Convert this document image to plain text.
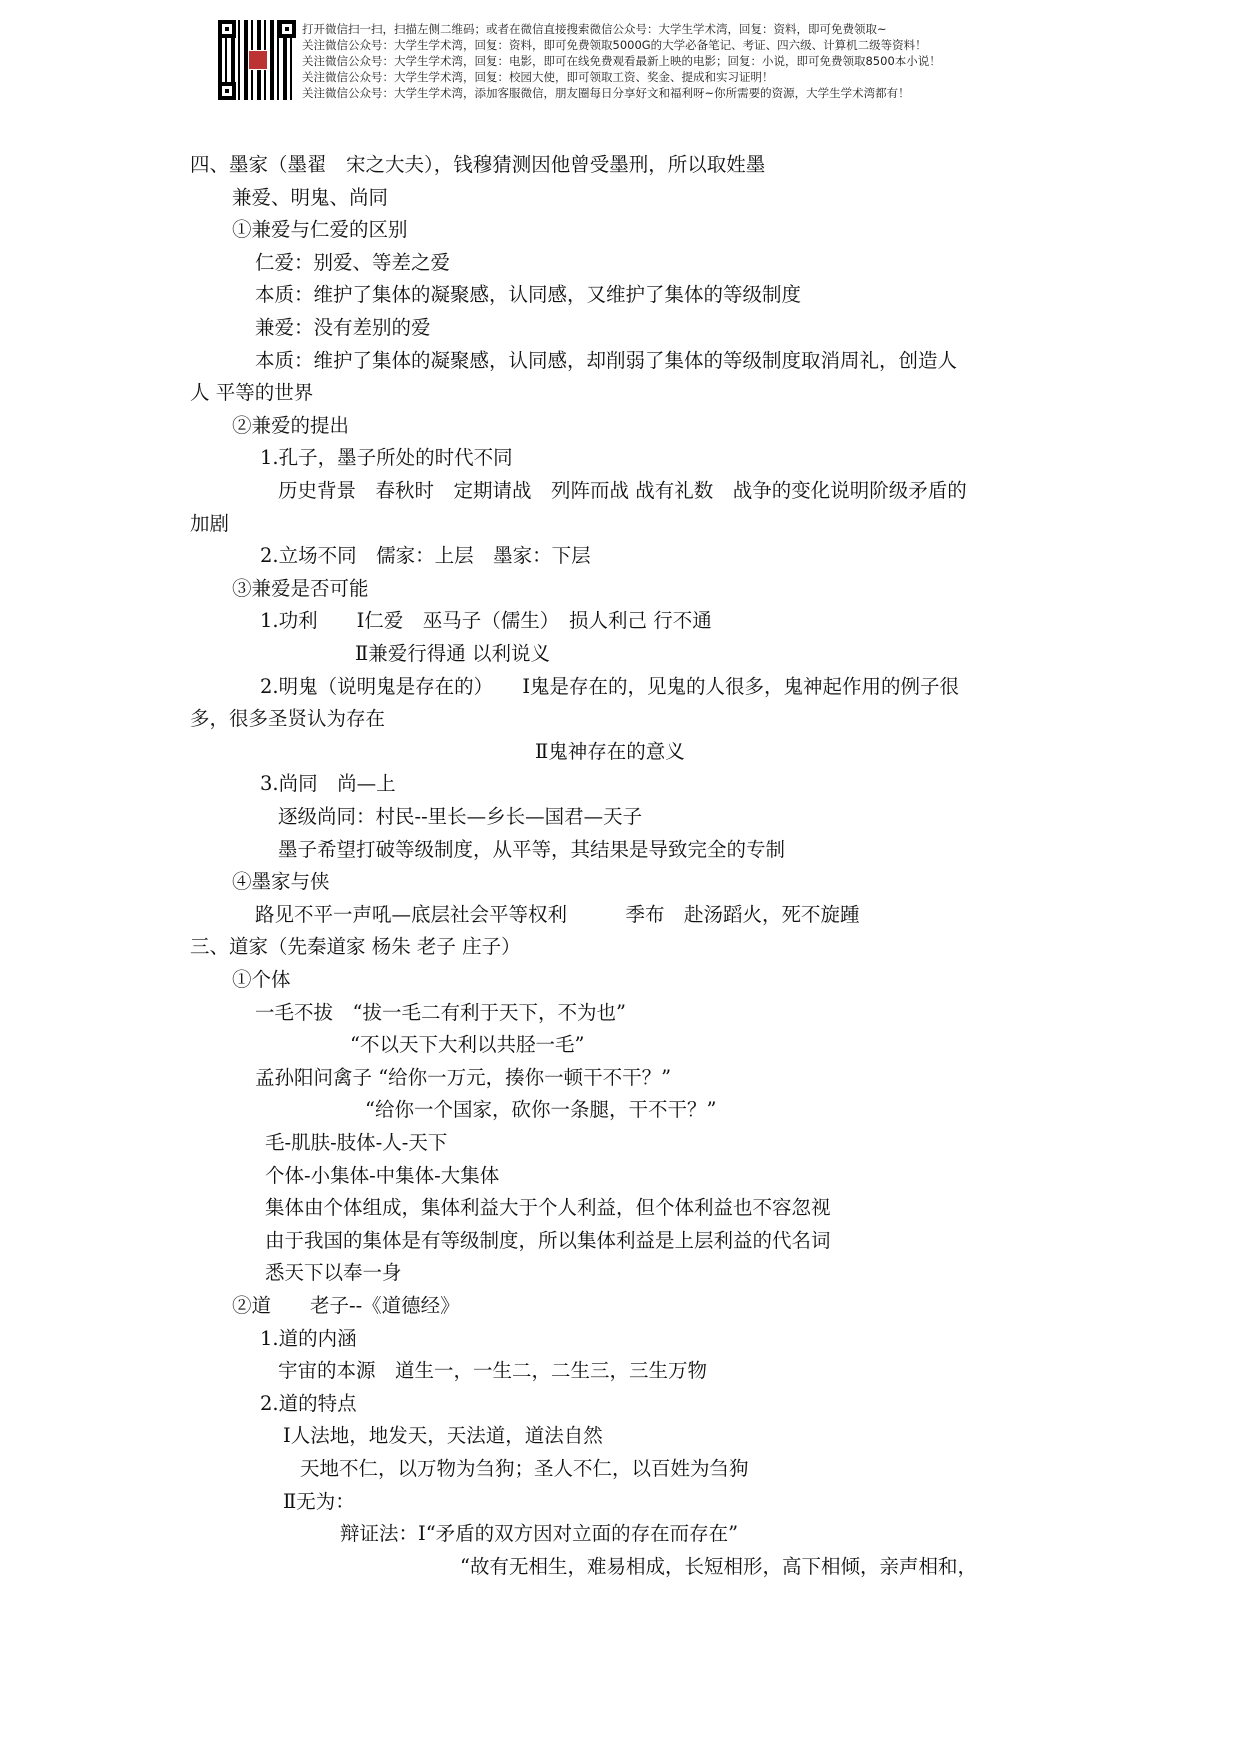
打开微信扫一扫，扫描左侧二维码；或者在微信直接搜索微信公众号：大学生学术湾，回复：资料，即可免费领取~
关注微信公众号：大学生学术湾，回复：资料，即可免费领取5000G的大学必备笔记、考证、四六级、计算机二级等资料！
关注微信公众号：大学生学术湾，回复：电影，即可在线免费观看最新上映的电影；回复：小说，即可免费领取8500本小说！
关注微信公众号：大学生学术湾，回复：校园大使，即可领取工资、奖金、提成和实习证明！
关注微信公众号：大学生学术湾，添加客服微信，朋友圈每日分享好文和福利呀~你所需要的资源，大学生学术湾都有！
四、墨家（墨翟　宋之大夫），钱穆猜测因他曾受墨刑，所以取姓墨
兼爱、明鬼、尚同
①兼爱与仁爱的区别
仁爱：别爱、等差之爱
本质：维护了集体的凝聚感，认同感，又维护了集体的等级制度
兼爱：没有差别的爱
本质：维护了集体的凝聚感，认同感，却削弱了集体的等级制度取消周礼，创造人
人 平等的世界
②兼爱的提出
1.孔子，墨子所处的时代不同
历史背景　春秋时　定期请战　列阵而战 战有礼数　战争的变化说明阶级矛盾的
加剧
2.立场不同　儒家：上层　墨家：下层
③兼爱是否可能
1.功利　　Ⅰ仁爱　巫马子（儒生）　损人利己 行不通
Ⅱ兼爱行得通 以利说义
2.明鬼（说明鬼是存在的）　　Ⅰ鬼是存在的，见鬼的人很多，鬼神起作用的例子很
多，很多圣贤认为存在
Ⅱ鬼神存在的意义
3.尚同　尚—上
逐级尚同：村民--里长—乡长—国君—天子
墨子希望打破等级制度，从平等，其结果是导致完全的专制
④墨家与侠
路见不平一声吼—底层社会平等权利　　　季布　赴汤蹈火，死不旋踵
三、道家（先秦道家 杨朱 老子 庄子）
①个体
一毛不拔　“拔一毛二有利于天下，不为也”
“不以天下大利以共胫一毛”
孟孙阳问禽子 “给你一万元，揍你一顿干不干？”
“给你一个国家，砍你一条腿，干不干？”
毛-肌肤-肢体-人-天下
个体-小集体-中集体-大集体
集体由个体组成，集体利益大于个人利益，但个体利益也不容忽视
由于我国的集体是有等级制度，所以集体利益是上层利益的代名词
悉天下以奉一身
②道　　老子--《道德经》
1.道的内涵
宇宙的本源　道生一，一生二，二生三，三生万物
2.道的特点
Ⅰ人法地，地发天，天法道，道法自然
天地不仁，以万物为刍狗；圣人不仁，以百姓为刍狗
Ⅱ无为：
辩证法：Ⅰ“矛盾的双方因对立面的存在而存在”
“故有无相生，难易相成，长短相形，高下相倾，亲声相和，
